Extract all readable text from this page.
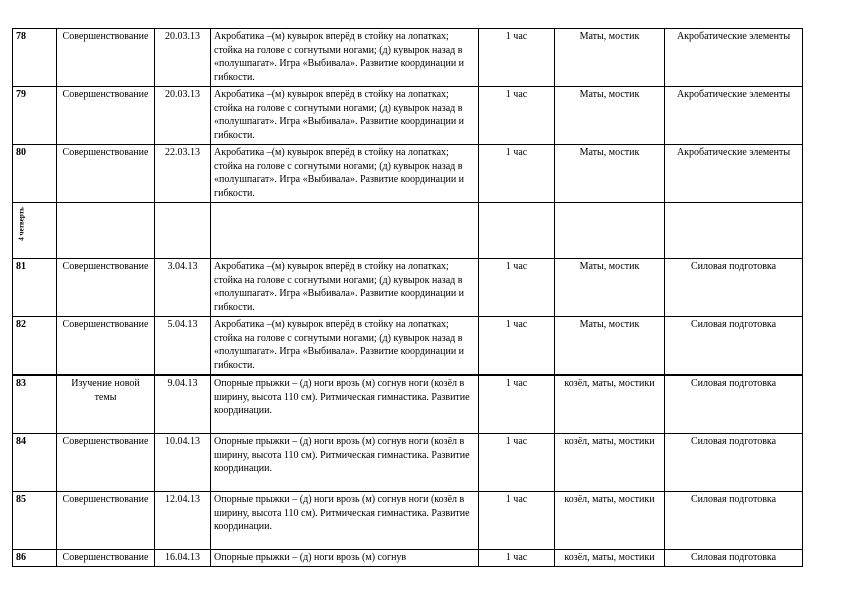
78	Совершенствование	20.03.13	Акробатика –(м) кувырок вперёд в стойку на лопатках; стойка на голове с согнутыми ногами; (д) кувырок назад в «полушпагат». Игра «Выбивала». Развитие координации и гибкости.	1 час	Маты, мостик	Акробатические элементы
79	Совершенствование	20.03.13	Акробатика –(м) кувырок вперёд в стойку на лопатках; стойка на голове с согнутыми ногами; (д) кувырок назад в «полушпагат». Игра «Выбивала». Развитие координации и гибкости.	1 час	Маты, мостик	Акробатические элементы
80	Совершенствование	22.03.13	Акробатика –(м) кувырок вперёд в стойку на лопатках; стойка на голове с согнутыми ногами; (д) кувырок назад в «полушпагат». Игра «Выбивала». Развитие координации и гибкости.	1 час	Маты, мостик	Акробатические элементы

4 четверть						

81	Совершенствование	3.04.13	Акробатика –(м) кувырок вперёд в стойку на лопатках; стойка на голове с согнутыми ногами; (д) кувырок назад в «полушпагат». Игра «Выбивала». Развитие координации и гибкости.	1 час	Маты, мостик	Силовая подготовка
82	Совершенствование	5.04.13	Акробатика –(м) кувырок вперёд в стойку на лопатках; стойка на голове с согнутыми ногами; (д) кувырок назад в «полушпагат». Игра «Выбивала». Развитие координации и гибкости.	1 час	Маты, мостик	Силовая подготовка
83	Изучение новой темы	9.04.13	Опорные прыжки – (д) ноги врозь (м) согнув ноги (козёл в ширину, высота 110 см). Ритмическая гимнастика. Развитие координации.	1 час	козёл, маты, мостики	Силовая подготовка
84	Совершенствование	10.04.13	Опорные прыжки – (д) ноги врозь (м) согнув ноги (козёл в ширину, высота 110 см). Ритмическая гимнастика. Развитие координации.	1 час	козёл, маты, мостики	Силовая подготовка
85	Совершенствование	12.04.13	Опорные прыжки – (д) ноги врозь (м) согнув ноги (козёл в ширину, высота 110 см). Ритмическая гимнастика. Развитие координации.	1 час	козёл, маты, мостики	Силовая подготовка
86	Совершенствование	16.04.13	Опорные прыжки – (д) ноги врозь (м) согнув	1 час	козёл, маты, мостики	Силовая подготовка
